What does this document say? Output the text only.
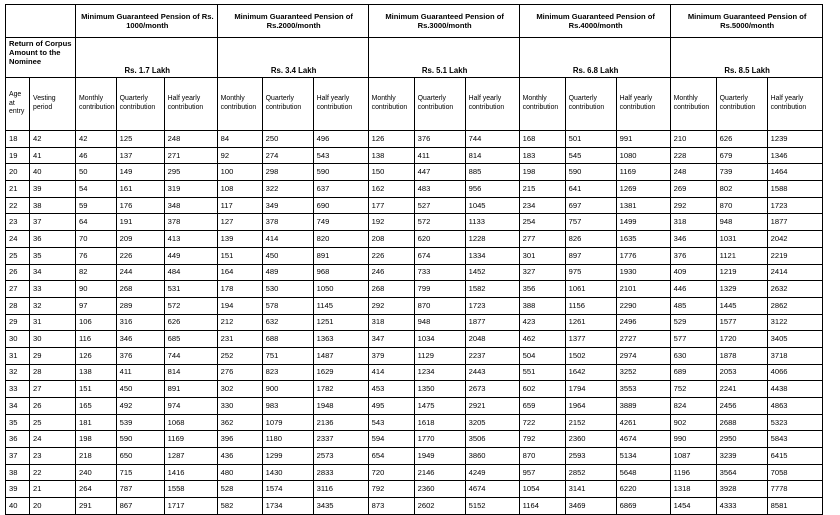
		Minimum Guaranteed Pension of Rs. 1000/month			Minimum Guaranteed Pension of Rs.2000/month			Minimum Guaranteed Pension of Rs.3000/month			Minimum Guaranteed Pension of Rs.4000/month			Minimum Guaranteed Pension of Rs.5000/month		
Return of Corpus Amount to the Nominee		Rs. 1.7 Lakh			Rs. 3.4 Lakh			Rs. 5.1 Lakh			Rs. 6.8 Lakh			Rs. 8.5 Lakh		
Age at entry	Vesting period	Monthly contribution	Quarterly contribution	Half yearly contribution	Monthly contribution	Quarterly contribution	Half yearly contribution	Monthly contribution	Quarterly contribution	Half yearly contribution	Monthly contribution	Quarterly contribution	Half yearly contribution	Monthly contribution	Quarterly contribution	Half yearly contribution
18	42	42	125	248	84	250	496	126	376	744	168	501	991	210	626	1239
19	41	46	137	271	92	274	543	138	411	814	183	545	1080	228	679	1346
20	40	50	149	295	100	298	590	150	447	885	198	590	1169	248	739	1464
21	39	54	161	319	108	322	637	162	483	956	215	641	1269	269	802	1588
22	38	59	176	348	117	349	690	177	527	1045	234	697	1381	292	870	1723
23	37	64	191	378	127	378	749	192	572	1133	254	757	1499	318	948	1877
24	36	70	209	413	139	414	820	208	620	1228	277	826	1635	346	1031	2042
25	35	76	226	449	151	450	891	226	674	1334	301	897	1776	376	1121	2219
26	34	82	244	484	164	489	968	246	733	1452	327	975	1930	409	1219	2414
27	33	90	268	531	178	530	1050	268	799	1582	356	1061	2101	446	1329	2632
28	32	97	289	572	194	578	1145	292	870	1723	388	1156	2290	485	1445	2862
29	31	106	316	626	212	632	1251	318	948	1877	423	1261	2496	529	1577	3122
30	30	116	346	685	231	688	1363	347	1034	2048	462	1377	2727	577	1720	3405
31	29	126	376	744	252	751	1487	379	1129	2237	504	1502	2974	630	1878	3718
32	28	138	411	814	276	823	1629	414	1234	2443	551	1642	3252	689	2053	4066
33	27	151	450	891	302	900	1782	453	1350	2673	602	1794	3553	752	2241	4438
34	26	165	492	974	330	983	1948	495	1475	2921	659	1964	3889	824	2456	4863
35	25	181	539	1068	362	1079	2136	543	1618	3205	722	2152	4261	902	2688	5323
36	24	198	590	1169	396	1180	2337	594	1770	3506	792	2360	4674	990	2950	5843
37	23	218	650	1287	436	1299	2573	654	1949	3860	870	2593	5134	1087	3239	6415
38	22	240	715	1416	480	1430	2833	720	2146	4249	957	2852	5648	1196	3564	7058
39	21	264	787	1558	528	1574	3116	792	2360	4674	1054	3141	6220	1318	3928	7778
40	20	291	867	1717	582	1734	3435	873	2602	5152	1164	3469	6869	1454	4333	8581
